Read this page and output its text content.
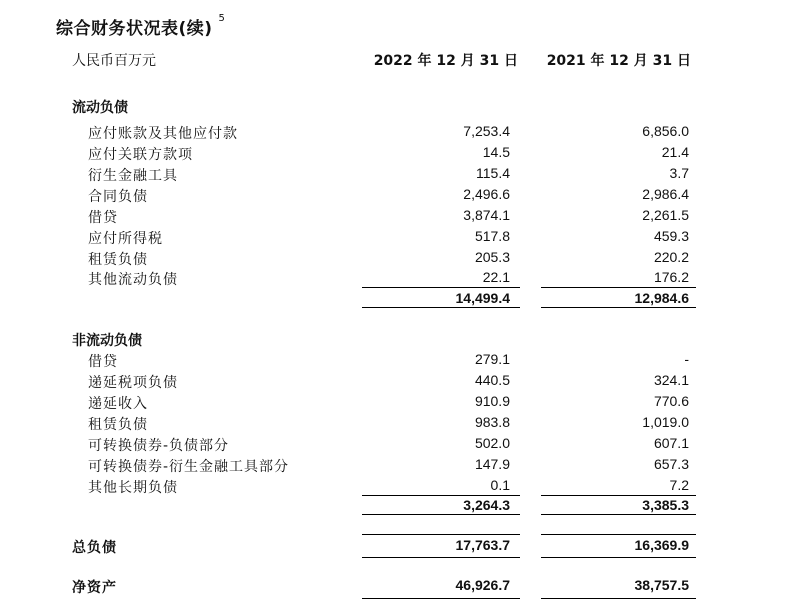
综合财务状况表(续)$^5$
人民币百万元	2022 年 12 月 31 日 2021 年 12 月 31 日
流动负债
应付账款及其他应付款	7,253.4	6,856.0
应付关联方款项	14.5	21.4
衍生金融工具	115.4	3.7
合同负债	2,496.6	2,986.4
借贷	3,874.1	2,261.5
应付所得税	517.8	459.3
租赁负债	205.3	220.2
其他流动负债	22.1	176.2
14,499.4	12,984.6
非流动负债
借贷	279.1	-
递延税项负债	440.5	324.1
递延收入	910.9	770.6
租赁负债	983.8	1,019.0
可转换债券-负债部分	502.0	607.1
可转换债券-衍生金融工具部分	147.9	657.3
其他长期负债	0.1	7.2
3,264.3	3,385.3
总负债	17,763.7	16,369.9
净资产	46,926.7	38,757.5
